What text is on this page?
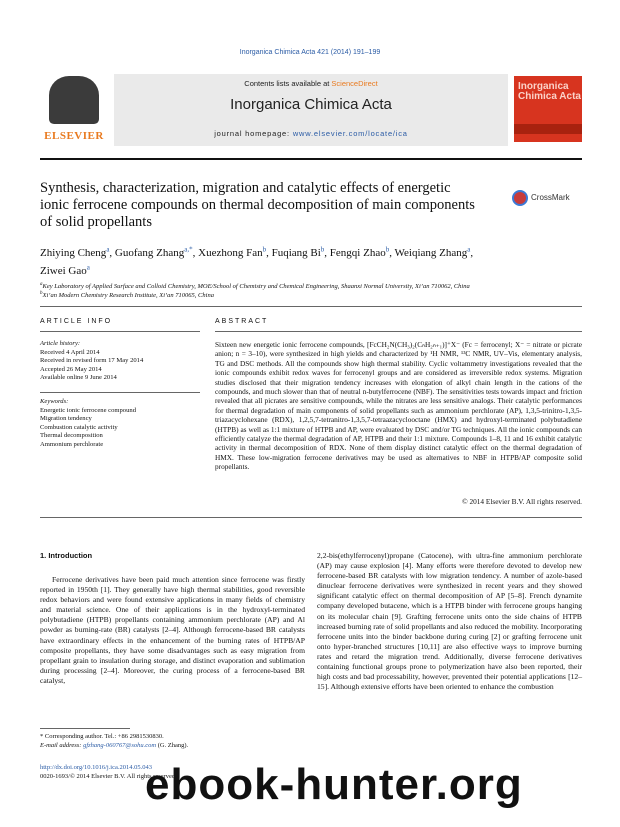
Inorganica Chimica Acta 421 (2014) 191–199
ELSEVIER
Contents lists available at ScienceDirect
Inorganica Chimica Acta
journal homepage: www.elsevier.com/locate/ica
Inorganica Chimica Acta
Synthesis, characterization, migration and catalytic effects of energetic ionic ferrocene compounds on thermal decomposition of main components of solid propellants
CrossMark
Zhiying Cheng$^a$, Guofang Zhang$^{a,*}$, Xuezhong Fan$^b$, Fuqiang Bi$^b$, Fengqi Zhao$^b$, Weiqiang Zhang$^a$,
Ziwei Gao$^a$
$^a$Key Laboratory of Applied Surface and Colloid Chemistry, MOE/School of Chemistry and Chemical Engineering, Shaanxi Normal University, Xi’an 710062, China
$^b$Xi’an Modern Chemistry Research Institute, Xi’an 710065, China
ARTICLE INFO	ABSTRACT
Article history:
Received 4 April 2014
Received in revised form 17 May 2014
Accepted 26 May 2014
Available online 9 June 2014
Keywords:
Energetic ionic ferrocene compound
Migration tendency
Combustion catalytic activity
Thermal decomposition
Ammonium perchlorate
Sixteen new energetic ionic ferrocene compounds, [FcCH₂N(CH₃)₂(CₙH₂ₙ₊₁)]⁺X⁻ (Fc = ferrocenyl; X⁻ = nitrate or picrate anion; n = 3–10), were synthesized in high yields and characterized by ¹H NMR, ¹³C NMR, UV–Vis, elementary analysis, TG and DSC methods. All the compounds show high thermal stability. Cyclic voltammetry investigations revealed that the ionic compounds exhibit redox waves for ferrocenyl groups and are considered as irreversible redox systems. Migration studies disclosed that their migration tendency increases with elongation of alkyl chain length in the cations of the compounds, and much slower than that of neutral n-butylferrocene (NBF). The sensitivities tests towards impact and friction revealed that all picrates are sensitive compounds, while the nitrates are less sensitive analogs. Their catalytic performances for thermal degradation of main components of solid propellants such as ammonium perchlorate (AP), 1,3,5-trinitro-1,3,5-triazacyclohexane (RDX), 1,2,5,7-tetranitro-1,3,5,7-tetraazacyclooctane (HMX) and hydroxyl-terminated polybutadiene (HTPB) as well as 1:1 mixture of HTPB and AP, were evaluated by DSC and/or TG techniques. All the ionic compounds can efficiently catalyze the thermal degradation of AP, HTPB and their 1:1 mixture. Compounds 1–8, 11 and 16 exhibit catalytic activity in thermal decomposition of RDX. None of them display distinct catalytic effect on the thermal degradation of HMX. These low-migration ferrocene derivatives may be used as alternatives to NBF in HTPB/AP composite solid propellants.
© 2014 Elsevier B.V. All rights reserved.
1. Introduction

Ferrocene derivatives have been paid much attention since ferrocene was firstly reported in 1950th [1]. They generally have high thermal stabilities, good reversible redox behaviors and were found extensive applications in many fields of chemistry and material science. One of their applications is in the hydroxyl-terminated polybutadiene (HTPB) propellants containing ammonium perchlorate (AP) and Al powder as burning-rate (BR) catalysts [2–4]. Although ferrocene-based BR catalysts have extraordinary effects in the enhancement of the burning rates of HTPB/AP composite propellants, they have some disadvantages such as easy migration from propellant grain to insulation during storage, and distinct evaporation and sublimation during processing [2–4]. Moreover, the curing process of a ferrocene-based BR catalyst,

2,2-bis(ethylferrocenyl)propane (Catocene), with ultra-fine ammonium perchlorate (AP) may cause explosion [4]. Many efforts were therefore devoted to develop new ferrocene-based BR catalysts with low migration tendency. A number of azole-based dinuclear ferrocene derivatives were synthesized in recent years and they showed significant catalytic effect on thermal decomposition of AP [5–8]. French dynamite company developed butacene, which is a HTPB binder with ferrocene groups hanging on its molecular chain [9]. Grafting ferrocene units onto the side chains of HTPB increased burning rate of solid propellants and also reduced the mobility. Incorporating ferrocene units into the binder backbone during curing [2] or grafting ferrocene unit onto hyper-branched structures [10,11] are also effective ways to improve burning rates and retard the migration trend. Additionally, diverse ferrocene derivatives containing functional groups prone to polymerization have also been reported, their high costs and bad processability, however, prevented their potential applications [12–15]. Although extensive efforts have been oriented to enhance the combustion

* Corresponding author. Tel.: +86 2981530830.
E-mail address: gfzhang-060767@sohu.com (G. Zhang).
http://dx.doi.org/10.1016/j.ica.2014.05.043
0020-1693/© 2014 Elsevier B.V. All rights reserved.
ebook-hunter.org
